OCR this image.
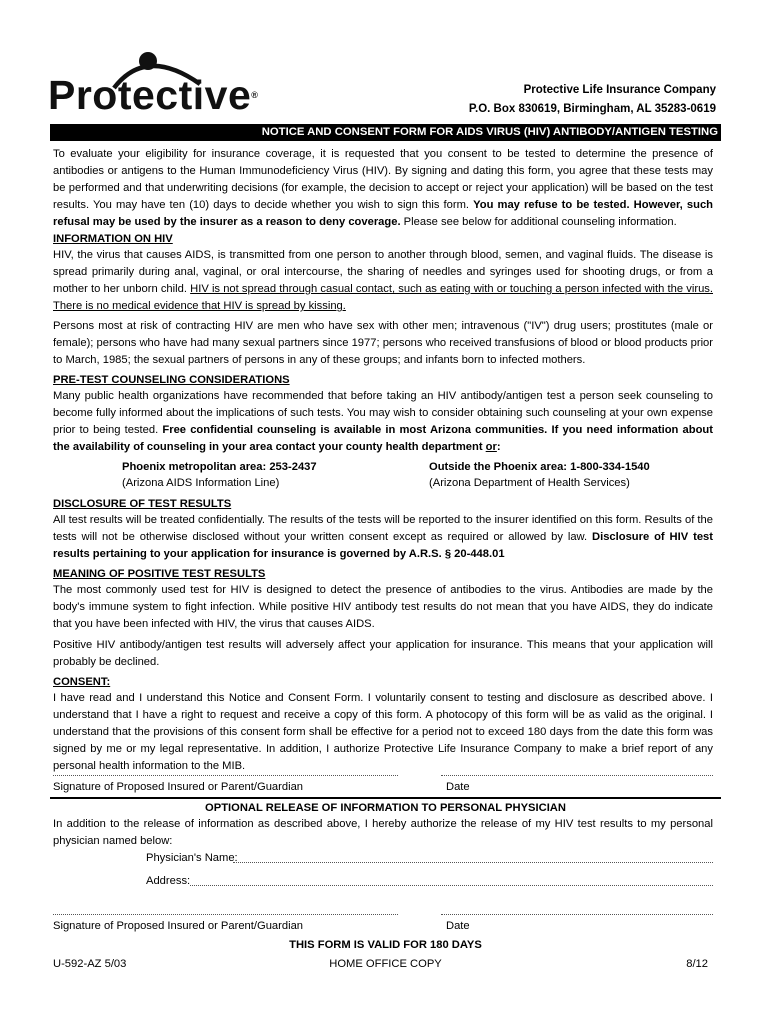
Protective®	Protective Life Insurance Company
P.O. Box 830619, Birmingham, AL 35283-0619
NOTICE AND CONSENT FORM FOR AIDS VIRUS (HIV) ANTIBODY/ANTIGEN TESTING
To evaluate your eligibility for insurance coverage, it is requested that you consent to be tested to determine the presence of antibodies or antigens to the Human Immunodeficiency Virus (HIV). By signing and dating this form, you agree that these tests may be performed and that underwriting decisions (for example, the decision to accept or reject your application) will be based on the test results. You may have ten (10) days to decide whether you wish to sign this form. You may refuse to be tested. However, such refusal may be used by the insurer as a reason to deny coverage. Please see below for additional counseling information.
INFORMATION ON HIV
HIV, the virus that causes AIDS, is transmitted from one person to another through blood, semen, and vaginal fluids. The disease is spread primarily during anal, vaginal, or oral intercourse, the sharing of needles and syringes used for shooting drugs, or from a mother to her unborn child. HIV is not spread through casual contact, such as eating with or touching a person infected with the virus. There is no medical evidence that HIV is spread by kissing.
Persons most at risk of contracting HIV are men who have sex with other men; intravenous ("IV") drug users; prostitutes (male or female); persons who have had many sexual partners since 1977; persons who received transfusions of blood or blood products prior to March, 1985; the sexual partners of persons in any of these groups; and infants born to infected mothers.
PRE-TEST COUNSELING CONSIDERATIONS
Many public health organizations have recommended that before taking an HIV antibody/antigen test a person seek counseling to become fully informed about the implications of such tests. You may wish to consider obtaining such counseling at your own expense prior to being tested. Free confidential counseling is available in most Arizona communities. If you need information about the availability of counseling in your area contact your county health department or:
Phoenix metropolitan area: 253-2437
(Arizona AIDS Information Line)
Outside the Phoenix area: 1-800-334-1540
(Arizona Department of Health Services)
DISCLOSURE OF TEST RESULTS
All test results will be treated confidentially. The results of the tests will be reported to the insurer identified on this form. Results of the tests will not be otherwise disclosed without your written consent except as required or allowed by law. Disclosure of HIV test results pertaining to your application for insurance is governed by A.R.S. § 20-448.01
MEANING OF POSITIVE TEST RESULTS
The most commonly used test for HIV is designed to detect the presence of antibodies to the virus. Antibodies are made by the body's immune system to fight infection. While positive HIV antibody test results do not mean that you have AIDS, they do indicate that you have been infected with HIV, the virus that causes AIDS.
Positive HIV antibody/antigen test results will adversely affect your application for insurance. This means that your application will probably be declined.
CONSENT:
I have read and I understand this Notice and Consent Form. I voluntarily consent to testing and disclosure as described above. I understand that I have a right to request and receive a copy of this form. A photocopy of this form will be as valid as the original. I understand that the provisions of this consent form shall be effective for a period not to exceed 180 days from the date this form was signed by me or my legal representative. In addition, I authorize Protective Life Insurance Company to make a brief report of any personal health information to the MIB.
Signature of Proposed Insured or Parent/Guardian	Date
OPTIONAL RELEASE OF INFORMATION TO PERSONAL PHYSICIAN
In addition to the release of information as described above, I hereby authorize the release of my HIV test results to my personal physician named below:
Physician's Name:
Address:
Signature of Proposed Insured or Parent/Guardian	Date
THIS FORM IS VALID FOR 180 DAYS
U-592-AZ 5/03	HOME OFFICE COPY	8/12
